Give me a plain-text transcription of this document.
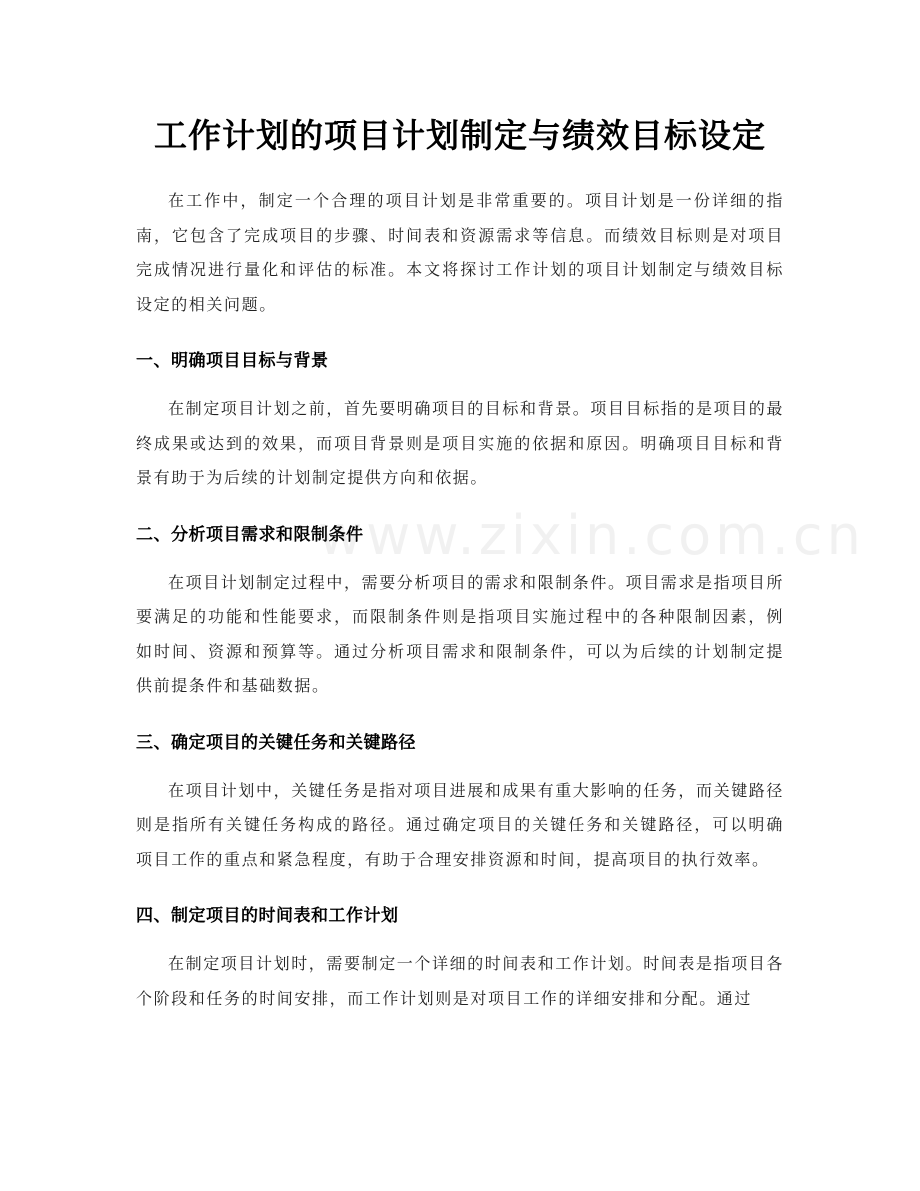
工作计划的项目计划制定与绩效目标设定

在工作中，制定一个合理的项目计划是非常重要的。项目计划是一份详细的指南，它包含了完成项目的步骤、时间表和资源需求等信息。而绩效目标则是对项目完成情况进行量化和评估的标准。本文将探讨工作计划的项目计划制定与绩效目标设定的相关问题。

一、明确项目目标与背景

在制定项目计划之前，首先要明确项目的目标和背景。项目目标指的是项目的最终成果或达到的效果，而项目背景则是项目实施的依据和原因。明确项目目标和背景有助于为后续的计划制定提供方向和依据。

二、分析项目需求和限制条件

在项目计划制定过程中，需要分析项目的需求和限制条件。项目需求是指项目所要满足的功能和性能要求，而限制条件则是指项目实施过程中的各种限制因素，例如时间、资源和预算等。通过分析项目需求和限制条件，可以为后续的计划制定提供前提条件和基础数据。

三、确定项目的关键任务和关键路径

在项目计划中，关键任务是指对项目进展和成果有重大影响的任务，而关键路径则是指所有关键任务构成的路径。通过确定项目的关键任务和关键路径，可以明确项目工作的重点和紧急程度，有助于合理安排资源和时间，提高项目的执行效率。

四、制定项目的时间表和工作计划

在制定项目计划时，需要制定一个详细的时间表和工作计划。时间表是指项目各个阶段和任务的时间安排，而工作计划则是对项目工作的详细安排和分配。通过

www.zixin.com.cn
